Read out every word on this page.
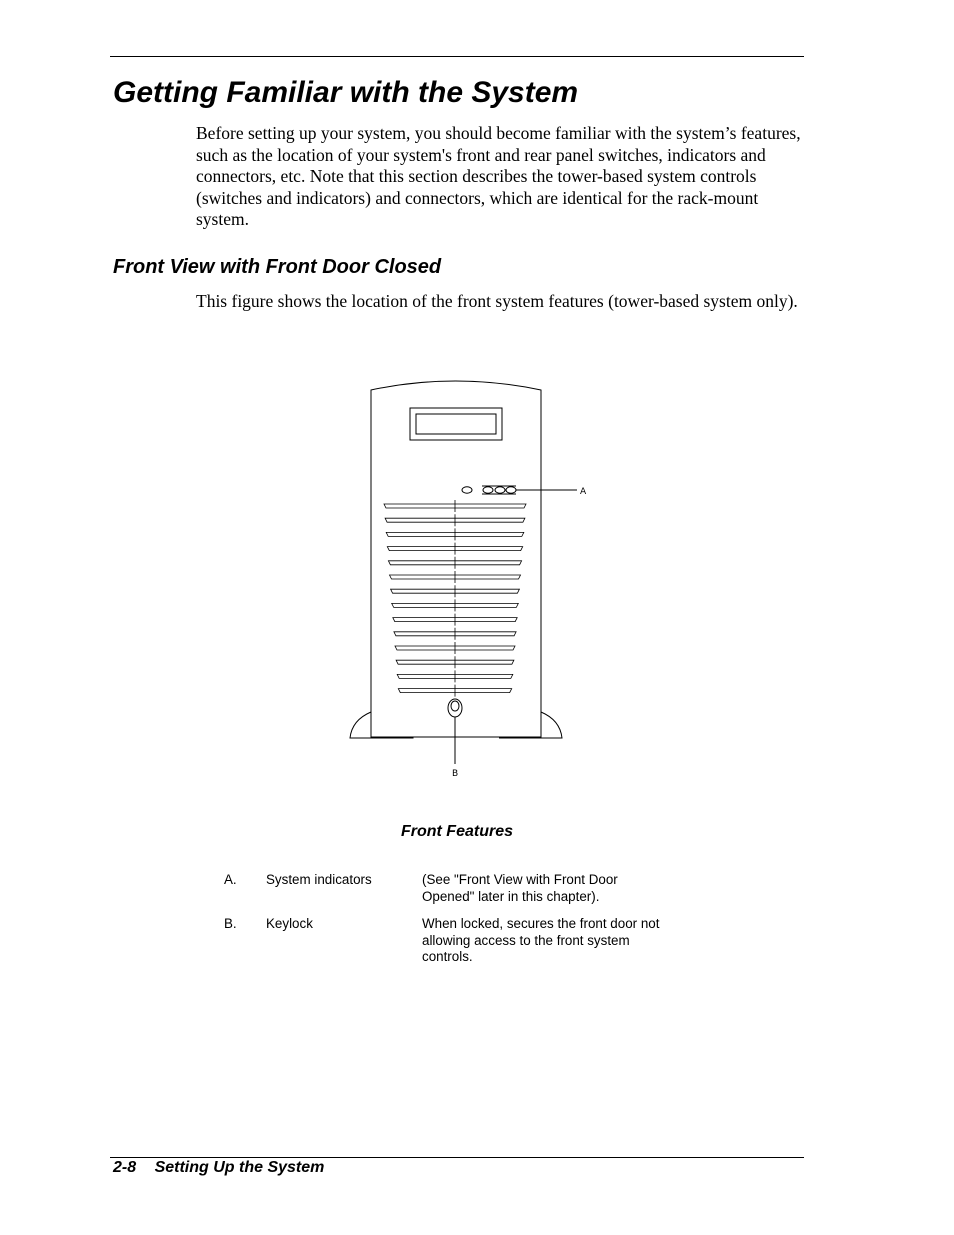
Getting Familiar with the System

Before setting up your system, you should become familiar with the system’s features, such as the location of your system's front and rear panel switches, indicators and connectors, etc. Note that this section describes the tower-based system controls (switches and indicators) and connectors, which are identical for the rack-mount system.

Front View with Front Door Closed

This figure shows the location of the front system features (tower-based system only).

A
B
Front Features
A. System indicators	(See "Front View with Front Door Opened" later in this chapter).
B. Keylock	When locked, secures the front door not allowing access to the front system controls.

2-8 Setting Up the System
